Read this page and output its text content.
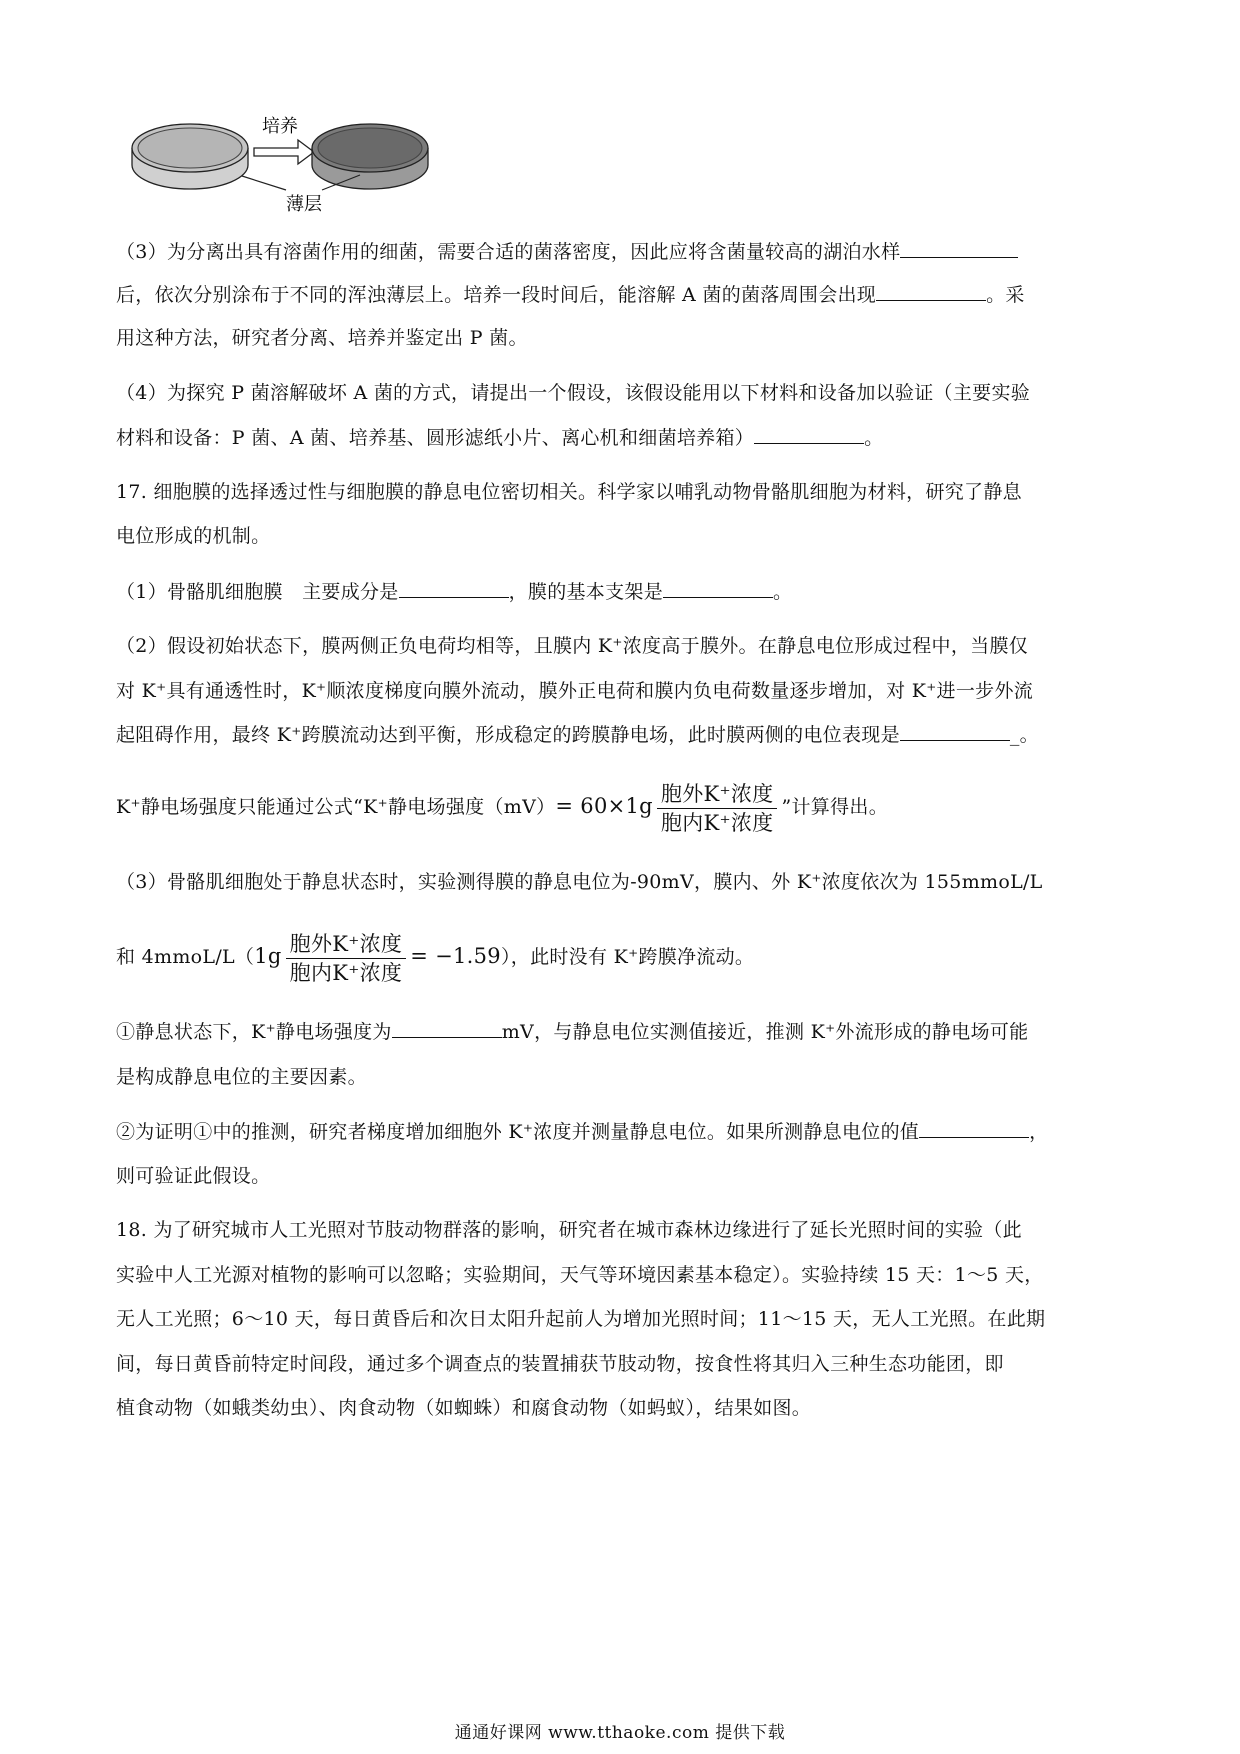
培养
薄层
（3）为分离出具有溶菌作用的细菌，需要合适的菌落密度，因此应将含菌量较高的湖泊水样
后，依次分别涂布于不同的浑浊薄层上。培养一段时间后，能溶解 A 菌的菌落周围会出现	。采
用这种方法，研究者分离、培养并鉴定出 P 菌。
（4）为探究 P 菌溶解破坏 A 菌的方式，请提出一个假设，该假设能用以下材料和设备加以验证（主要实验
材料和设备：P 菌、A 菌、培养基、圆形滤纸小片、离心机和细菌培养箱）	。
17. 细胞膜的选择透过性与细胞膜的静息电位密切相关。科学家以哺乳动物骨骼肌细胞为材料，研究了静息
电位形成的机制。
（1）骨骼肌细胞膜　主要成分是	，膜的基本支架是	。
（2）假设初始状态下，膜两侧正负电荷均相等，且膜内 K⁺浓度高于膜外。在静息电位形成过程中，当膜仅
对 K⁺具有通透性时，K⁺顺浓度梯度向膜外流动，膜外正电荷和膜内负电荷数量逐步增加，对 K⁺进一步外流
起阻碍作用，最终 K⁺跨膜流动达到平衡，形成稳定的跨膜静电场，此时膜两侧的电位表现是	_。
K⁺静电场强度只能通过公式“K⁺静电场强度$(mV)= 60\times 1g \frac{\text{胞外K⁺浓度}}{\text{胞内K⁺浓度}}$ ”计算得出。
（3）骨骼肌细胞处于静息状态时，实验测得膜的静息电位为-90mV，膜内、外 K⁺浓度依次为 155mmoL/L
和 4mmoL/L（1g $\frac{\text{胞外K⁺浓度}}{\text{胞内K⁺浓度}} = -1.59$），此时没有 K⁺跨膜净流动。
①静息状态下，K⁺静电场强度为	mV，与静息电位实测值接近，推测 K⁺外流形成的静电场可能
是构成静息电位的主要因素。
②为证明①中的推测，研究者梯度增加细胞外 K⁺浓度并测量静息电位。如果所测静息电位的值	，
则可验证此假设。
18. 为了研究城市人工光照对节肢动物群落的影响，研究者在城市森林边缘进行了延长光照时间的实验（此
实验中人工光源对植物的影响可以忽略；实验期间，天气等环境因素基本稳定）。实验持续 15 天：1～5 天，
无人工光照；6～10 天，每日黄昏后和次日太阳升起前人为增加光照时间；11～15 天，无人工光照。在此期
间，每日黄昏前特定时间段，通过多个调查点的装置捕获节肢动物，按食性将其归入三种生态功能团，即
植食动物（如蛾类幼虫）、肉食动物（如蜘蛛）和腐食动物（如蚂蚁），结果如图。
通通好课网 www.tthaoke.com 提供下载
